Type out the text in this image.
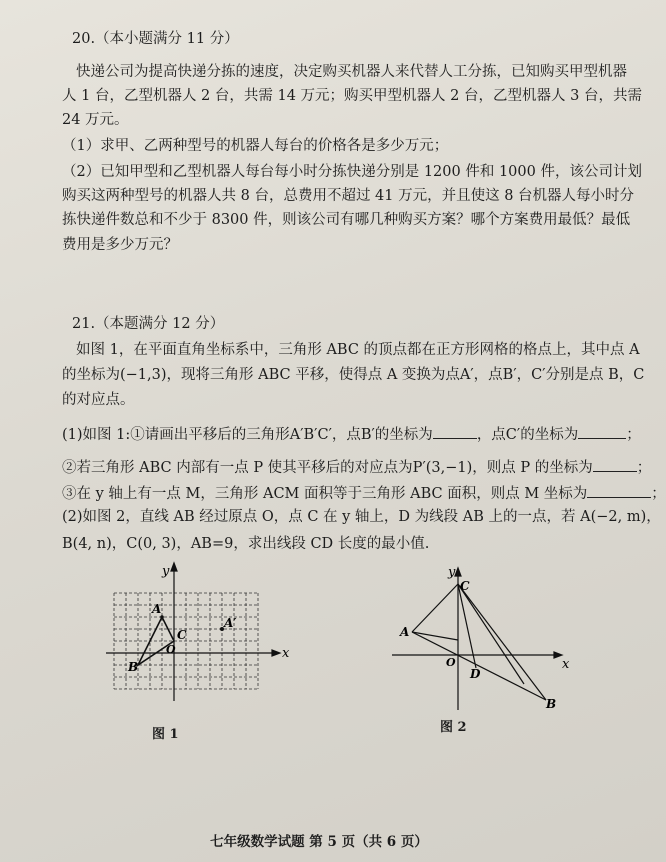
20.（本小题满分 11 分）
快递公司为提高快递分拣的速度，决定购买机器人来代替人工分拣，已知购买甲型机器
人 1 台，乙型机器人 2 台，共需 14 万元；购买甲型机器人 2 台，乙型机器人 3 台，共需
24 万元。
（1）求甲、乙两种型号的机器人每台的价格各是多少万元；
（2）已知甲型和乙型机器人每台每小时分拣快递分别是 1200 件和 1000 件，该公司计划
购买这两种型号的机器人共 8 台，总费用不超过 41 万元，并且使这 8 台机器人每小时分
拣快递件数总和不少于 8300 件，则该公司有哪几种购买方案？哪个方案费用最低？最低
费用是多少万元？
21.（本题满分 12 分）
如图 1，在平面直角坐标系中，三角形 ABC 的顶点都在正方形网格的格点上，其中点 A
的坐标为(−1,3)，现将三角形 ABC 平移，使得点 A 变换为点A′，点B′，C′分别是点 B，C
的对应点。
(1)如图 1:①请画出平移后的三角形A′B′C′，点B′的坐标为	，点C′的坐标为	；
②若三角形 ABC 内部有一点 P 使其平移后的对应点为P′(3,−1)，则点 P 的坐标为	；
③在 y 轴上有一点 M，三角形 ACM 面积等于三角形 ABC 面积，则点 M 坐标为	；
(2)如图 2，直线 AB 经过原点 O，点 C 在 y 轴上，D 为线段 AB 上的一点，若 A(−2, m)，
B(4, n)，C(0, 3)，AB=9，求出线段 CD 长度的最小值.
y
x
A
A′
B
C
O
图 1
y
x
C
A
O
D
B
图 2
七年级数学试题 第 5 页（共 6 页）
